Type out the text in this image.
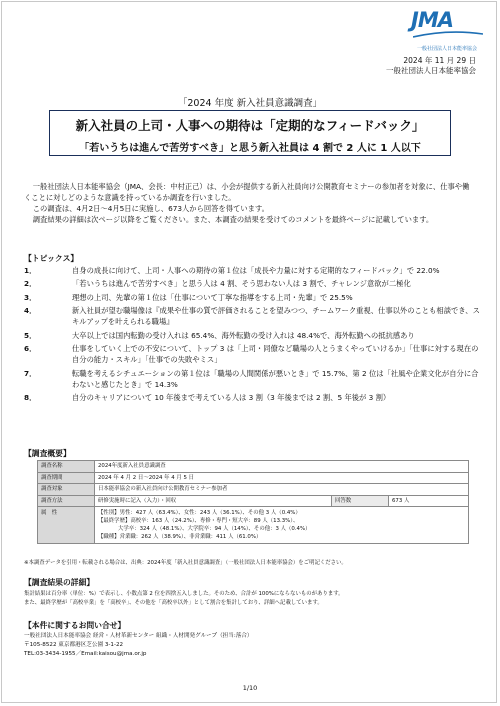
JMA
一般社団法人日本能率協会
2024 年 11 月 29 日
一般社団法人日本能率協会
「2024 年度 新入社員意識調査」
新入社員の上司・人事への期待は「定期的なフィードバック」
「若いうちは進んで苦労すべき」と思う新入社員は 4 割で 2 人に 1 人以下

一般社団法人日本能率協会（JMA、会長：中村正己）は、小会が提供する新入社員向け公開教育セミナーの参加者を対象に、仕事や働くことに対しどのような意識を持っているか調査を行いました。

この調査は、4月2日～4月5日に実施し、673人から回答を得ています。

調査結果の詳細は次ページ以降をご覧ください。また、本調査の結果を受けてのコメントを最終ページに記載しています。

【トピックス】
1．	自身の成長に向けて、上司・人事への期待の第１位は「成長や力量に対する定期的なフィードバック」で 22.0%
2．	「若いうちは進んで苦労すべき」と思う人は 4 割、そう思わない人は 3 割で、チャレンジ意欲が二極化
3．	理想の上司、先輩の第１位は「仕事について丁寧な指導をする上司・先輩」で 25.5%
4．	新入社員が望む職場像は『成果や仕事の質で評価されることを望みつつ、チームワーク重視、仕事以外のことも相談でき、スキルアップを叶えられる職場』
5．	大卒以上では国内転勤の受け入れは 65.4%、海外転勤の受け入れは 48.4%で、海外転勤への抵抗感あり
6．	仕事をしていく上での不安について、トップ 3 は「上司・同僚など職場の人とうまくやっていけるか」「仕事に対する現在の自分の能力・スキル」「仕事での失敗やミス」
7．	転職を考えるシチュエーションの第１位は「職場の人間関係が悪いとき」で 15.7%、第 2 位は「社風や企業文化が自分に合わないと感じたとき」で 14.3%
8．	自分のキャリアについて 10 年後まで考えている人は 3 割（3 年後までは 2 割、5 年後が 3 割）
【調査概要】
調査名称	2024年度新入社員意識調査		
調査期間	2024 年 4 月 2 日～2024 年 4 月 5 日		
調査対象	日本能率協会の新入社員向け公開教育セミナー参加者		
調査方法	研修実施時に記入（入力）・回収	回答数	673 人
属　性	【性別】男性：427 人（63.4%）、女性：243 人（36.1%）、その他 3 人（0.4%）
【最終学歴】高校卒：163 人（24.2%）、専修・専門・短大卒：89 人（13.3%）、
大学卒：324 人（48.1%）、大学院卒：94 人（14%）、その他：3 人（0.4%）
【職種】営業職：262 人（38.9%）、非営業職：411 人（61.0%）		
※本調査データを引用・転載される場合は、出典：2024年度「新入社員意識調査」（一般社団法人日本能率協会）をご明記ください。
【調査結果の詳細】
集計結果は百分率（単位：%）で表示し、小数点第 2 位を四捨五入しました。そのため、合計が 100%にならないものがあります。
また、最終学歴が「高校卒業」を「高校卒」、その他を「高校卒以外」として割合を集計しており、詳細へ記載しています。
【本件に関するお問い合せ】
一般社団法人日本能率協会 経営・人材革新センター 組織・人材開発グループ（担当:落合）
〒105-8522 東京都港区芝公園 3-1-22
TEL:03-3434-1955／Email:kaisou@jma.or.jp
1/10
